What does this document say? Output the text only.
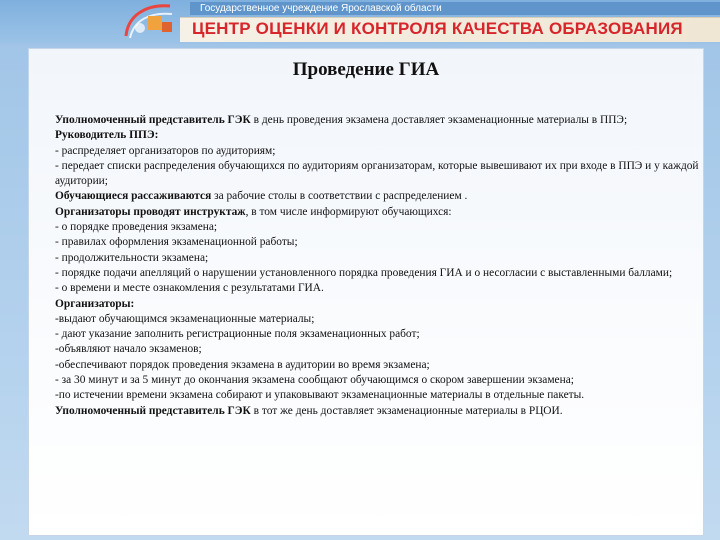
Государственное учреждение Ярославской области
ЦЕНТР ОЦЕНКИ И КОНТРОЛЯ КАЧЕСТВА ОБРАЗОВАНИЯ
Проведение ГИА

Уполномоченный представитель ГЭК в день проведения экзамена доставляет экзаменационные материалы в ППЭ;

Руководитель ППЭ:

- распределяет организаторов по аудиториям;

- передает списки распределения обучающихся по аудиториям организаторам, которые вывешивают их при входе в ППЭ и у каждой аудитории;

Обучающиеся рассаживаются за рабочие столы в соответствии с распределением .

Организаторы проводят инструктаж, в том числе информируют обучающихся:

- о порядке проведения экзамена;

- правилах оформления экзаменационной работы;

- продолжительности экзамена;

- порядке подачи апелляций о нарушении установленного порядка проведения ГИА и о несогласии с выставленными баллами;

- о времени и месте ознакомления с результатами ГИА.

Организаторы:

-выдают обучающимся экзаменационные материалы;

- дают указание заполнить регистрационные поля экзаменационных работ;

-объявляют начало экзаменов;

-обеспечивают порядок проведения экзамена в аудитории во время экзамена;

- за 30 минут и за 5 минут до окончания экзамена сообщают обучающимся о скором завершении экзамена;

-по истечении времени экзамена собирают и упаковывают экзаменационные материалы в отдельные пакеты.

Уполномоченный представитель ГЭК в тот же день доставляет экзаменационные материалы в РЦОИ.
